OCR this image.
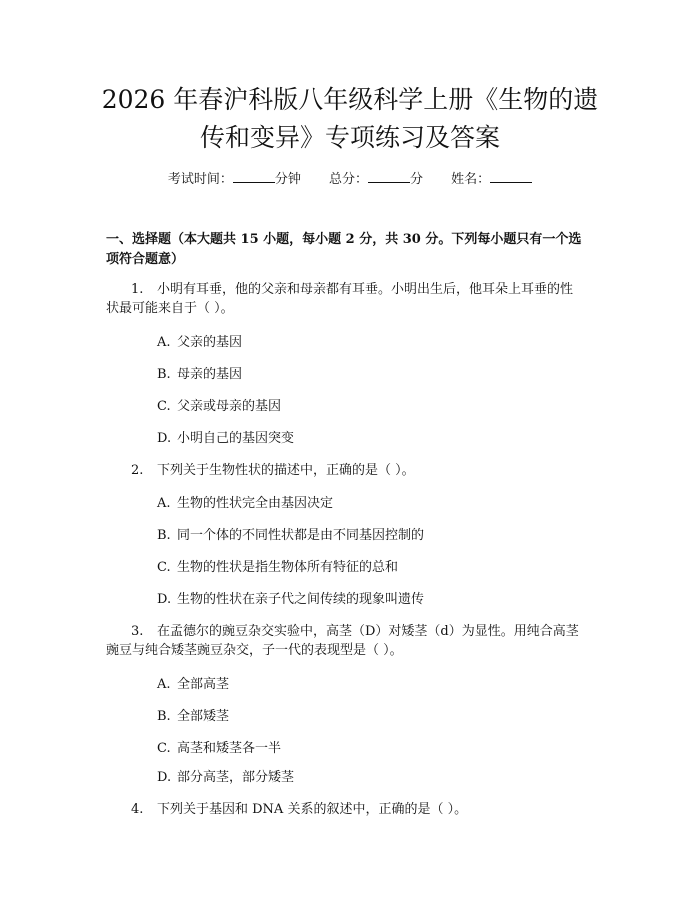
2026 年春沪科版八年级科学上册《生物的遗
传和变异》专项练习及答案
考试时间：	分钟 总分：	分 姓名：
一、选择题（本大题共 15 小题，每小题 2 分，共 30 分。下列每小题只有一个选
项符合题意）
1. 小明有耳垂，他的父亲和母亲都有耳垂。小明出生后，他耳朵上耳垂的性
状最可能来自于（ ）。
A. 父亲的基因
B. 母亲的基因
C. 父亲或母亲的基因
D. 小明自己的基因突变
2. 下列关于生物性状的描述中，正确的是（ ）。
A. 生物的性状完全由基因决定
B. 同一个体的不同性状都是由不同基因控制的
C. 生物的性状是指生物体所有特征的总和
D. 生物的性状在亲子代之间传续的现象叫遗传
3. 在孟德尔的豌豆杂交实验中，高茎（D）对矮茎（d）为显性。用纯合高茎
豌豆与纯合矮茎豌豆杂交，子一代的表现型是（ ）。
A. 全部高茎
B. 全部矮茎
C. 高茎和矮茎各一半
D. 部分高茎，部分矮茎
4. 下列关于基因和 DNA 关系的叙述中，正确的是（ ）。
